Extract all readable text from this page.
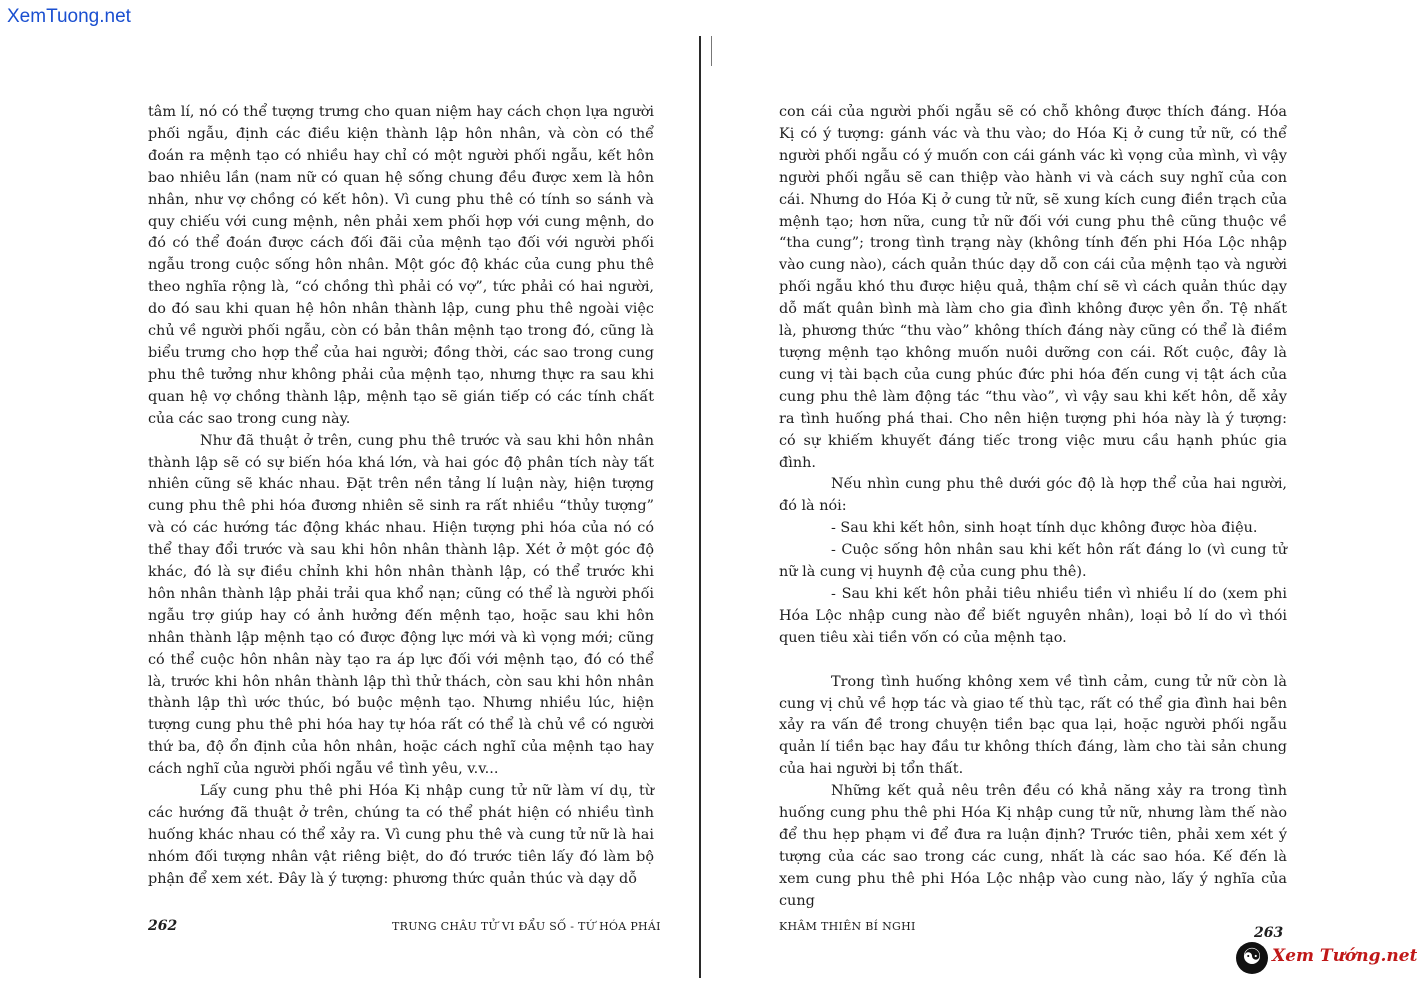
XemTuong.net

tâm lí, nó có thể tượng trưng cho quan niệm hay cách chọn lựa người phối ngẫu, định các điều kiện thành lập hôn nhân, và còn có thể đoán ra mệnh tạo có nhiều hay chỉ có một người phối ngẫu, kết hôn bao nhiêu lần (nam nữ có quan hệ sống chung đều được xem là hôn nhân, như vợ chồng có kết hôn). Vì cung phu thê có tính so sánh và quy chiếu với cung mệnh, nên phải xem phối hợp với cung mệnh, do đó có thể đoán được cách đối đãi của mệnh tạo đối với người phối ngẫu trong cuộc sống hôn nhân. Một góc độ khác của cung phu thê theo nghĩa rộng là, “có chồng thì phải có vợ”, tức phải có hai người, do đó sau khi quan hệ hôn nhân thành lập, cung phu thê ngoài việc chủ về người phối ngẫu, còn có bản thân mệnh tạo trong đó, cũng là biểu trưng cho hợp thể của hai người; đồng thời, các sao trong cung phu thê tưởng như không phải của mệnh tạo, nhưng thực ra sau khi quan hệ vợ chồng thành lập, mệnh tạo sẽ gián tiếp có các tính chất của các sao trong cung này.

Như đã thuật ở trên, cung phu thê trước và sau khi hôn nhân thành lập sẽ có sự biến hóa khá lớn, và hai góc độ phân tích này tất nhiên cũng sẽ khác nhau. Đặt trên nền tảng lí luận này, hiện tượng cung phu thê phi hóa đương nhiên sẽ sinh ra rất nhiều “thủy tượng” và có các hướng tác động khác nhau. Hiện tượng phi hóa của nó có thể thay đổi trước và sau khi hôn nhân thành lập. Xét ở một góc độ khác, đó là sự điều chỉnh khi hôn nhân thành lập, có thể trước khi hôn nhân thành lập phải trải qua khổ nạn; cũng có thể là người phối ngẫu trợ giúp hay có ảnh hưởng đến mệnh tạo, hoặc sau khi hôn nhân thành lập mệnh tạo có được động lực mới và kì vọng mới; cũng có thể cuộc hôn nhân này tạo ra áp lực đối với mệnh tạo, đó có thể là, trước khi hôn nhân thành lập thì thử thách, còn sau khi hôn nhân thành lập thì ước thúc, bó buộc mệnh tạo. Nhưng nhiều lúc, hiện tượng cung phu thê phi hóa hay tự hóa rất có thể là chủ về có người thứ ba, độ ổn định của hôn nhân, hoặc cách nghĩ của mệnh tạo hay cách nghĩ của người phối ngẫu về tình yêu, v.v...

Lấy cung phu thê phi Hóa Kị nhập cung tử nữ làm ví dụ, từ các hướng đã thuật ở trên, chúng ta có thể phát hiện có nhiều tình huống khác nhau có thể xảy ra. Vì cung phu thê và cung tử nữ là hai nhóm đối tượng nhân vật riêng biệt, do đó trước tiên lấy đó làm bộ phận để xem xét. Đây là ý tượng: phương thức quản thúc và dạy dỗ

con cái của người phối ngẫu sẽ có chỗ không được thích đáng. Hóa Kị có ý tượng: gánh vác và thu vào; do Hóa Kị ở cung tử nữ, có thể người phối ngẫu có ý muốn con cái gánh vác kì vọng của mình, vì vậy người phối ngẫu sẽ can thiệp vào hành vi và cách suy nghĩ của con cái. Nhưng do Hóa Kị ở cung tử nữ, sẽ xung kích cung điền trạch của mệnh tạo; hơn nữa, cung tử nữ đối với cung phu thê cũng thuộc về “tha cung”; trong tình trạng này (không tính đến phi Hóa Lộc nhập vào cung nào), cách quản thúc dạy dỗ con cái của mệnh tạo và người phối ngẫu khó thu được hiệu quả, thậm chí sẽ vì cách quản thúc dạy dỗ mất quân bình mà làm cho gia đình không được yên ổn. Tệ nhất là, phương thức “thu vào” không thích đáng này cũng có thể là điềm tượng mệnh tạo không muốn nuôi dưỡng con cái. Rốt cuộc, đây là cung vị tài bạch của cung phúc đức phi hóa đến cung vị tật ách của cung phu thê làm động tác “thu vào”, vì vậy sau khi kết hôn, dễ xảy ra tình huống phá thai. Cho nên hiện tượng phi hóa này là ý tượng: có sự khiếm khuyết đáng tiếc trong việc mưu cầu hạnh phúc gia đình.

Nếu nhìn cung phu thê dưới góc độ là hợp thể của hai người, đó là nói:

- Sau khi kết hôn, sinh hoạt tính dục không được hòa điệu.

- Cuộc sống hôn nhân sau khi kết hôn rất đáng lo (vì cung tử nữ là cung vị huynh đệ của cung phu thê).

- Sau khi kết hôn phải tiêu nhiều tiền vì nhiều lí do (xem phi Hóa Lộc nhập cung nào để biết nguyên nhân), loại bỏ lí do vì thói quen tiêu xài tiền vốn có của mệnh tạo.

Trong tình huống không xem về tình cảm, cung tử nữ còn là cung vị chủ về hợp tác và giao tế thù tạc, rất có thể gia đình hai bên xảy ra vấn đề trong chuyện tiền bạc qua lại, hoặc người phối ngẫu quản lí tiền bạc hay đầu tư không thích đáng, làm cho tài sản chung của hai người bị tổn thất.

Những kết quả nêu trên đều có khả năng xảy ra trong tình huống cung phu thê phi Hóa Kị nhập cung tử nữ, nhưng làm thế nào để thu hẹp phạm vi để đưa ra luận định? Trước tiên, phải xem xét ý tượng của các sao trong các cung, nhất là các sao hóa. Kế đến là xem cung phu thê phi Hóa Lộc nhập vào cung nào, lấy ý nghĩa của cung

262	TRUNG CHÂU TỬ VI ĐẨU SỐ - TỨ HÓA PHÁI	KHÂM THIÊN BÍ NGHI	263
☯ Xem Tướng.net
